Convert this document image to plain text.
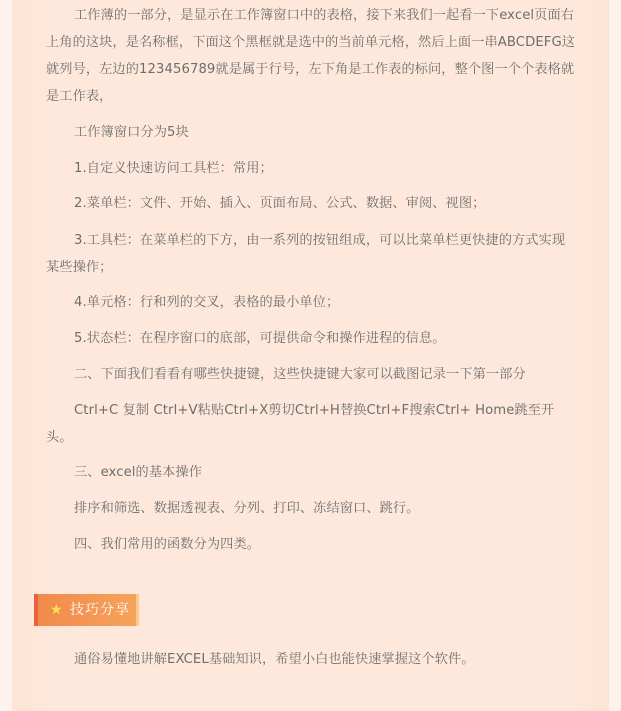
工作薄的一部分，是显示在工作簿窗口中的表格，接下来我们一起看一下excel页面右上角的这块，是名称框，下面这个黑框就是选中的当前单元格，然后上面一串ABCDEFG这就列号，左边的123456789就是属于行号，左下角是工作表的标问，整个图一个个表格就是工作表，

工作簿窗口分为5块

1.自定义快速访问工具栏：常用；

2.菜单栏：文件、开始、插入、页面布局、公式、数据、审阅、视图；

3.工具栏：在菜单栏的下方，由一系列的按钮组成，可以比菜单栏更快捷的方式实现某些操作；

4.单元格：行和列的交叉，表格的最小单位；

5.状态栏：在程序窗口的底部，可提供命令和操作进程的信息。

二、下面我们看看有哪些快捷键，这些快捷键大家可以截图记录一下第一部分

Ctrl+C 复制 Ctrl+V粘贴Ctrl+X剪切Ctrl+H替换Ctrl+F搜索Ctrl+ Home跳至开头。

三、excel的基本操作

排序和筛选、数据透视表、分列、打印、冻结窗口、跳行。

四、我们常用的函数分为四类。

★ 技巧分享

通俗易懂地讲解EXCEL基础知识，希望小白也能快速掌握这个软件。
